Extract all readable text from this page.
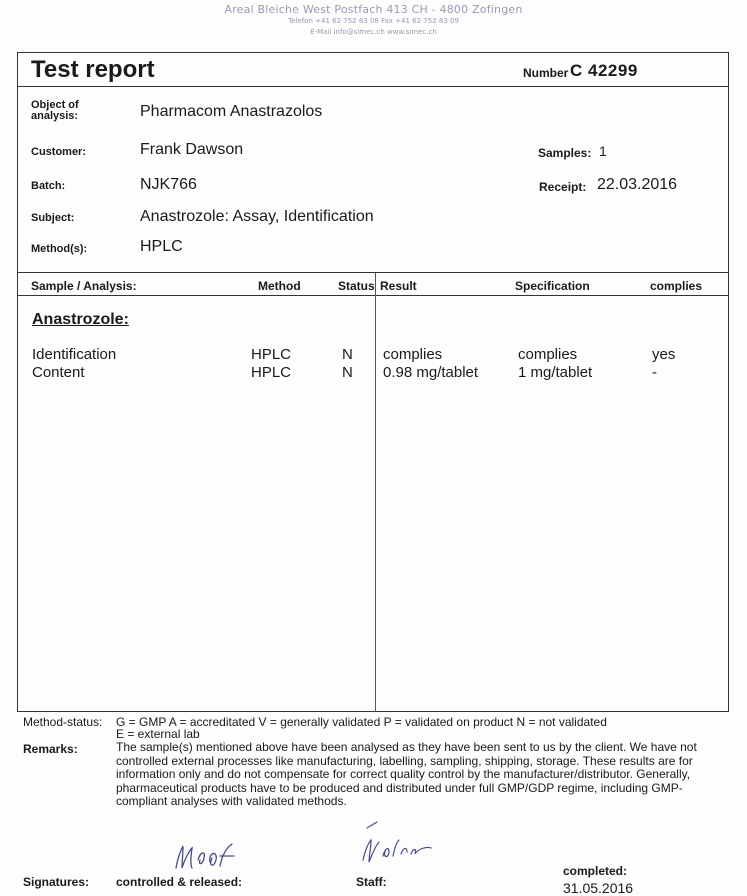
Areal Bleiche West Postfach 413 CH - 4800 Zofingen
Telefon +41 62 752 83 08 Fax +41 62 752 83 09
E-Mail info@simec.ch www.simec.ch
Test report	Number C 42299
Object of
analysis:	Pharmacom Anastrazolos
Customer:	Frank Dawson	Samples: 1
Batch:	NJK766	Receipt: 22.03.2016
Subject:	Anastrozole: Assay, Identification
Method(s):	HPLC
Sample / Analysis:	Method	Status Result	Specification	complies
Anastrozole:
Identification	HPLC	N complies	complies	yes
Content	HPLC	N 0.98 mg/tablet	1 mg/tablet	-
Method-status: G = GMP A = accreditated V = generally validated P = validated on product N = not validated
E = external lab
Remarks:	The sample(s) mentioned above have been analysed as they have been sent to us by the client. We have not controlled external processes like manufacturing, labelling, sampling, shipping, storage. These results are for information only and do not compensate for correct quality control by the manufacturer/distributor. Generally, pharmaceutical products have to be produced and distributed under full GMP/GDP regime, including GMP-compliant analyses with validated methods.
Signatures: controlled & released:	Staff:
completed:
31.05.2016
